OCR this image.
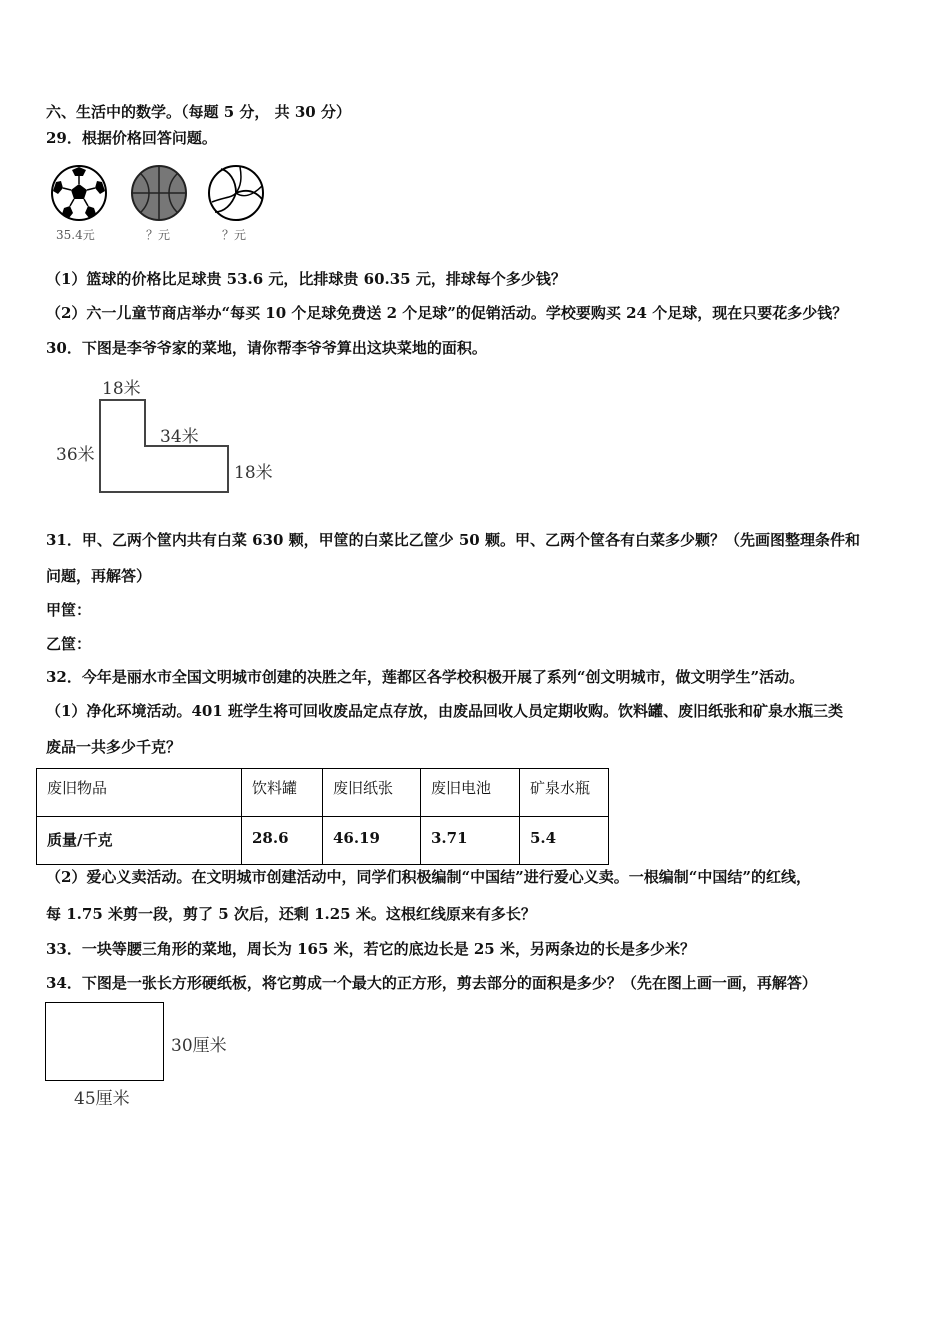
六、生活中的数学。（每题 5 分， 共 30 分）
29．根据价格回答问题。
35.4元	？元	？元
（1）篮球的价格比足球贵 53.6 元，比排球贵 60.35 元，排球每个多少钱？
（2）六一儿童节商店举办“每买 10 个足球免费送 2 个足球”的促销活动。学校要购买 24 个足球，现在只要花多少钱？
30．下图是李爷爷家的菜地，请你帮李爷爷算出这块菜地的面积。
18米
36米
34米
18米
31．甲、乙两个筐内共有白菜 630 颗，甲筐的白菜比乙筐少 50 颗。甲、乙两个筐各有白菜多少颗？（先画图整理条件和
问题，再解答）
甲筐：
乙筐：
32．今年是丽水市全国文明城市创建的决胜之年，莲都区各学校积极开展了系列“创文明城市，做文明学生”活动。
（1）净化环境活动。401 班学生将可回收废品定点存放，由废品回收人员定期收购。饮料罐、废旧纸张和矿泉水瓶三类
废品一共多少千克？
废旧物品	饮料罐	废旧纸张	废旧电池	矿泉水瓶
质量/千克	28.6	46.19	3.71	5.4
（2）爱心义卖活动。在文明城市创建活动中，同学们积极编制“中国结”进行爱心义卖。一根编制“中国结”的红线，
每 1.75 米剪一段，剪了 5 次后，还剩 1.25 米。这根红线原来有多长？
33．一块等腰三角形的菜地，周长为 165 米，若它的底边长是 25 米，另两条边的长是多少米？
34．下图是一张长方形硬纸板，将它剪成一个最大的正方形，剪去部分的面积是多少？（先在图上画一画，再解答）
30厘米
45厘米
